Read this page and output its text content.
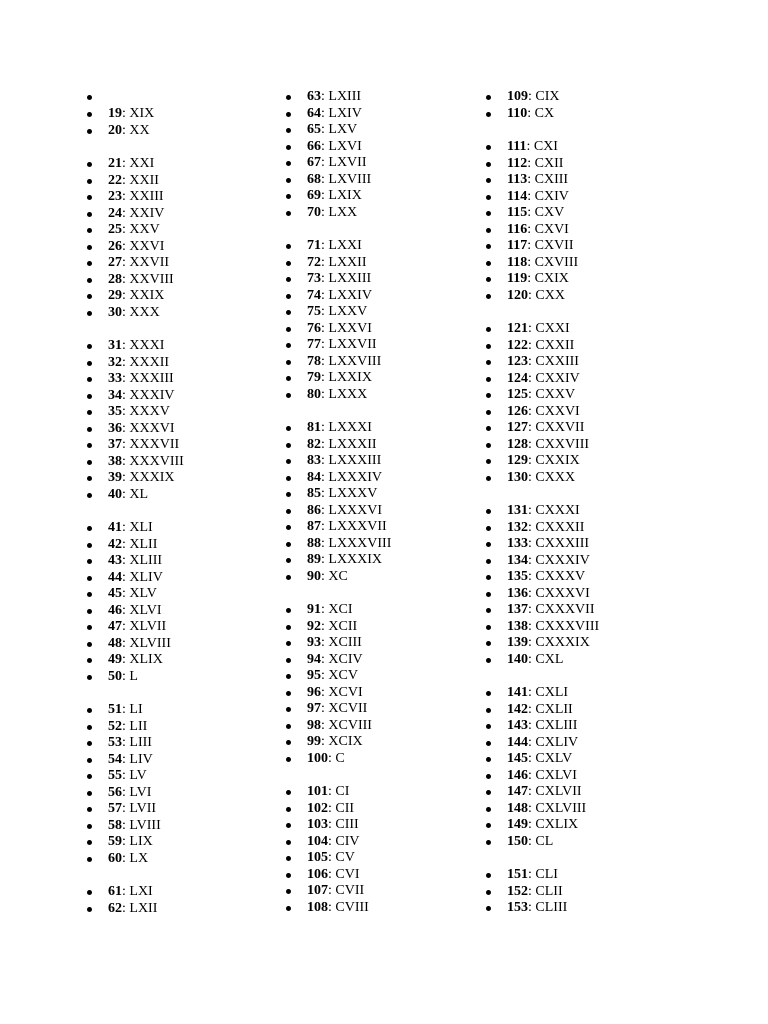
19: XIX
20: XX
21: XXI
22: XXII
23: XXIII
24: XXIV
25: XXV
26: XXVI
27: XXVII
28: XXVIII
29: XXIX
30: XXX
31: XXXI
32: XXXII
33: XXXIII
34: XXXIV
35: XXXV
36: XXXVI
37: XXXVII
38: XXXVIII
39: XXXIX
40: XL
41: XLI
42: XLII
43: XLIII
44: XLIV
45: XLV
46: XLVI
47: XLVII
48: XLVIII
49: XLIX
50: L
51: LI
52: LII
53: LIII
54: LIV
55: LV
56: LVI
57: LVII
58: LVIII
59: LIX
60: LX
61: LXI
62: LXII
63: LXIII
64: LXIV
65: LXV
66: LXVI
67: LXVII
68: LXVIII
69: LXIX
70: LXX
71: LXXI
72: LXXII
73: LXXIII
74: LXXIV
75: LXXV
76: LXXVI
77: LXXVII
78: LXXVIII
79: LXXIX
80: LXXX
81: LXXXI
82: LXXXII
83: LXXXIII
84: LXXXIV
85: LXXXV
86: LXXXVI
87: LXXXVII
88: LXXXVIII
89: LXXXIX
90: XC
91: XCI
92: XCII
93: XCIII
94: XCIV
95: XCV
96: XCVI
97: XCVII
98: XCVIII
99: XCIX
100: C
101: CI
102: CII
103: CIII
104: CIV
105: CV
106: CVI
107: CVII
108: CVIII
109: CIX
110: CX
111: CXI
112: CXII
113: CXIII
114: CXIV
115: CXV
116: CXVI
117: CXVII
118: CXVIII
119: CXIX
120: CXX
121: CXXI
122: CXXII
123: CXXIII
124: CXXIV
125: CXXV
126: CXXVI
127: CXXVII
128: CXXVIII
129: CXXIX
130: CXXX
131: CXXXI
132: CXXXII
133: CXXXIII
134: CXXXIV
135: CXXXV
136: CXXXVI
137: CXXXVII
138: CXXXVIII
139: CXXXIX
140: CXL
141: CXLI
142: CXLII
143: CXLIII
144: CXLIV
145: CXLV
146: CXLVI
147: CXLVII
148: CXLVIII
149: CXLIX
150: CL
151: CLI
152: CLII
153: CLIII
